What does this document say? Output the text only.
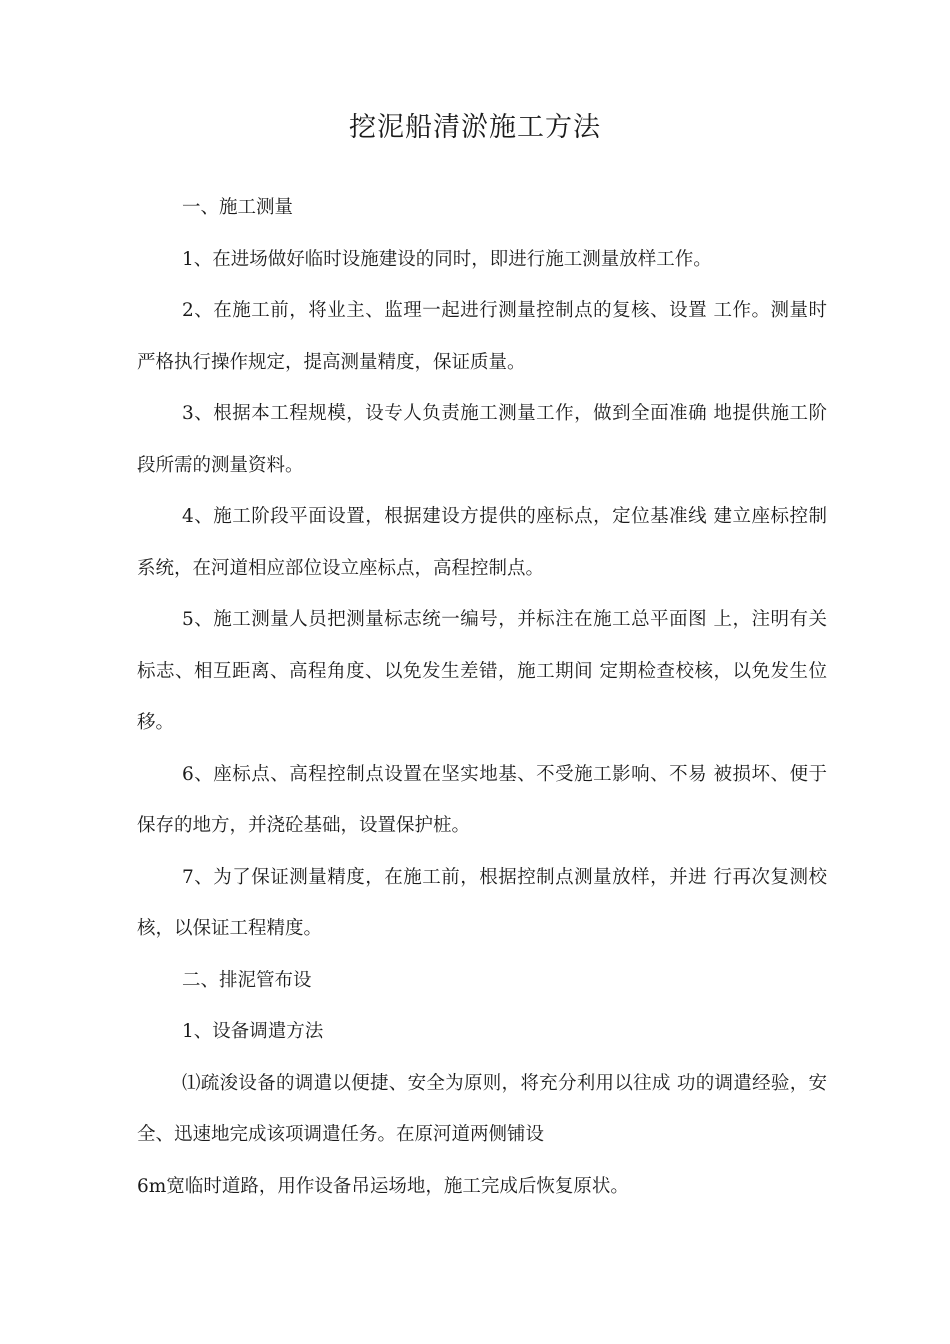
挖泥船清淤施工方法

一、施工测量

1、在进场做好临时设施建设的同时，即进行施工测量放样工作。

2、在施工前，将业主、监理一起进行测量控制点的复核、设置 工作。测量时严格执行操作规定，提高测量精度，保证质量。

3、根据本工程规模，设专人负责施工测量工作，做到全面准确 地提供施工阶段所需的测量资料。

4、施工阶段平面设置，根据建设方提供的座标点，定位基准线 建立座标控制系统，在河道相应部位设立座标点，高程控制点。

5、施工测量人员把测量标志统一编号，并标注在施工总平面图 上，注明有关标志、相互距离、高程角度、以免发生差错，施工期间 定期检查校核，以免发生位移。

6、座标点、高程控制点设置在坚实地基、不受施工影响、不易 被损坏、便于保存的地方，并浇砼基础，设置保护桩。

7、为了保证测量精度，在施工前，根据控制点测量放样，并进 行再次复测校核，以保证工程精度。

二、排泥管布设

1、设备调遣方法

⑴疏浚设备的调遣以便捷、安全为原则，将充分利用以往成 功的调遣经验，安全、迅速地完成该项调遣任务。在原河道两侧铺设

6m宽临时道路，用作设备吊运场地，施工完成后恢复原状。
